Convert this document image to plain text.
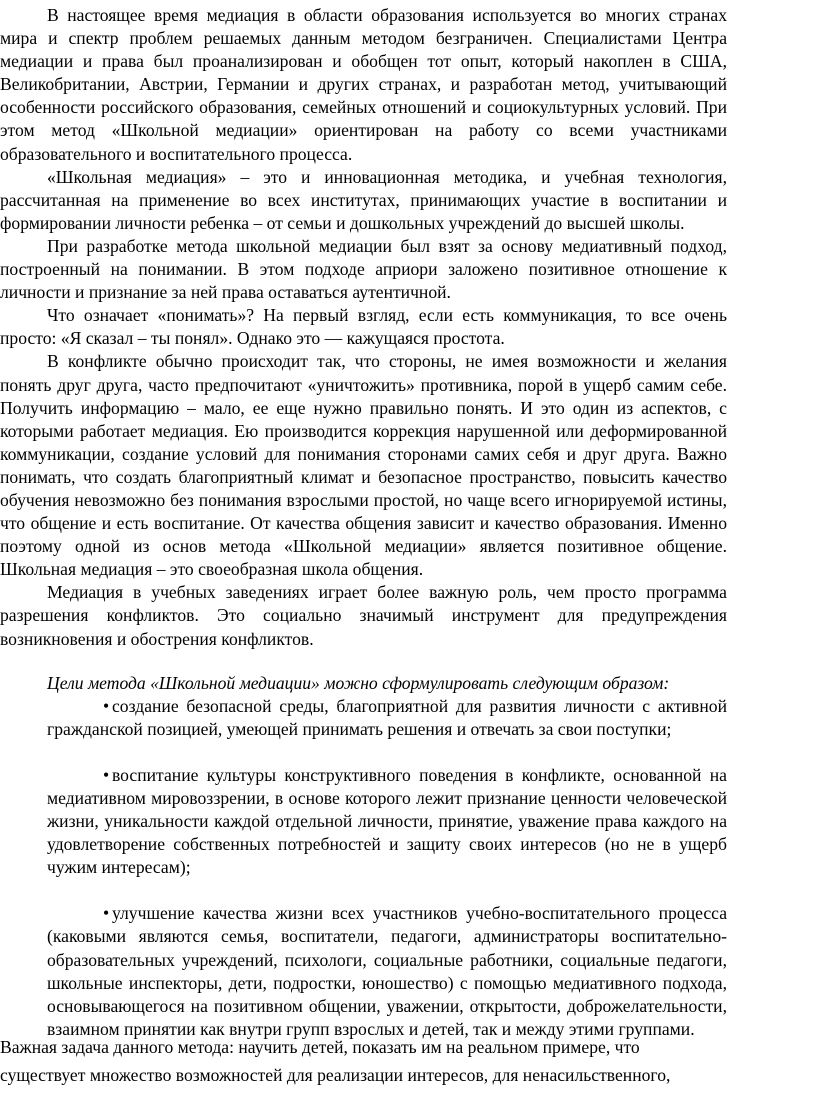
В настоящее время медиация в области образования используется во многих странах мира и спектр проблем решаемых данным методом безграничен. Специалистами Центра медиации и права был проанализирован и обобщен тот опыт, который накоплен в США, Великобритании, Австрии, Германии и других странах, и разработан метод, учитывающий особенности российского образования, семейных отношений и социокультурных условий. При этом метод «Школьной медиации» ориентирован на работу со всеми участниками образовательного и воспитательного процесса.

«Школьная медиация» – это и инновационная методика, и учебная технология, рассчитанная на применение во всех институтах, принимающих участие в воспитании и формировании личности ребенка – от семьи и дошкольных учреждений до высшей школы.

При разработке метода школьной медиации был взят за основу медиативный подход, построенный на понимании. В этом подходе априори заложено позитивное отношение к личности и признание за ней права оставаться аутентичной.

Что означает «понимать»? На первый взгляд, если есть коммуникация, то все очень просто: «Я сказал – ты понял». Однако это — кажущаяся простота.

В конфликте обычно происходит так, что стороны, не имея возможности и желания понять друг друга, часто предпочитают «уничтожить» противника, порой в ущерб самим себе. Получить информацию – мало, ее еще нужно правильно понять. И это один из аспектов, с которыми работает медиация. Ею производится коррекция нарушенной или деформированной коммуникации, создание условий для понимания сторонами самих себя и друг друга. Важно понимать, что создать благоприятный климат и безопасное пространство, повысить качество обучения невозможно без понимания взрослыми простой, но чаще всего игнорируемой истины, что общение и есть воспитание. От качества общения зависит и качество образования. Именно поэтому одной из основ метода «Школьной медиации» является позитивное общение. Школьная медиация – это своеобразная школа общения.

Медиация в учебных заведениях играет более важную роль, чем просто программа разрешения конфликтов. Это социально значимый инструмент для предупреждения возникновения и обострения конфликтов.

Цели метода «Школьной медиации» можно сформулировать следующим образом:

• создание безопасной среды, благоприятной для развития личности с активной гражданской позицией, умеющей принимать решения и отвечать за свои поступки;
• воспитание культуры конструктивного поведения в конфликте, основанной на медиативном мировоззрении, в основе которого лежит признание ценности человеческой жизни, уникальности каждой отдельной личности, принятие, уважение права каждого на удовлетворение собственных потребностей и защиту своих интересов (но не в ущерб чужим интересам);
• улучшение качества жизни всех участников учебно-воспитательного процесса (каковыми являются семья, воспитатели, педагоги, администраторы воспитательно-образовательных учреждений, психологи, социальные работники, социальные педагоги, школьные инспекторы, дети, подростки, юношество) с помощью медиативного подхода, основывающегося на позитивном общении, уважении, открытости, доброжелательности, взаимном принятии как внутри групп взрослых и детей, так и между этими группами.

Важная задача данного метода: научить детей, показать им на реальном примере, что
существует множество возможностей для реализации интересов, для ненасильственного,
